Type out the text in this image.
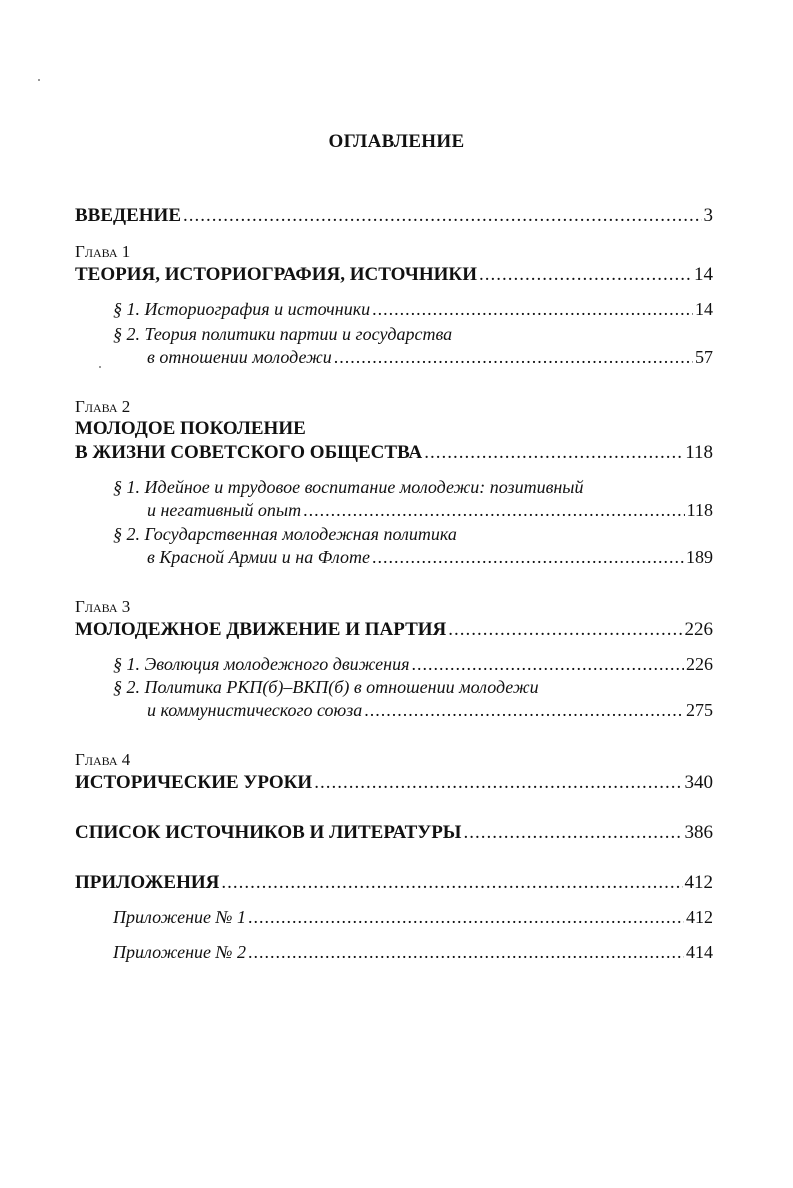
ОГЛАВЛЕНИЕ
ВВЕДЕНИЕ .....	3
Глава 1
ТЕОРИЯ, ИСТОРИОГРАФИЯ, ИСТОЧНИКИ .....	14
§ 1. Историография и источники .....	14
§ 2. Теория политики партии и государства
в отношении молодежи .....	57
Глава 2
МОЛОДОЕ ПОКОЛЕНИЕ
В ЖИЗНИ СОВЕТСКОГО ОБЩЕСТВА .....	118
§ 1. Идейное и трудовое воспитание молодежи: позитивный
и негативный опыт .....	118
§ 2. Государственная молодежная политика
в Красной Армии и на Флоте .....	189
Глава 3
МОЛОДЕЖНОЕ ДВИЖЕНИЕ И ПАРТИЯ .....	226
§ 1. Эволюция молодежного движения .....	226
§ 2. Политика РКП(б)–ВКП(б) в отношении молодежи
и коммунистического союза .....	275
Глава 4
ИСТОРИЧЕСКИЕ УРОКИ .....	340
СПИСОК ИСТОЧНИКОВ И ЛИТЕРАТУРЫ .....	386
ПРИЛОЖЕНИЯ .....	412
Приложение № 1 .....	412
Приложение № 2 .....	414
